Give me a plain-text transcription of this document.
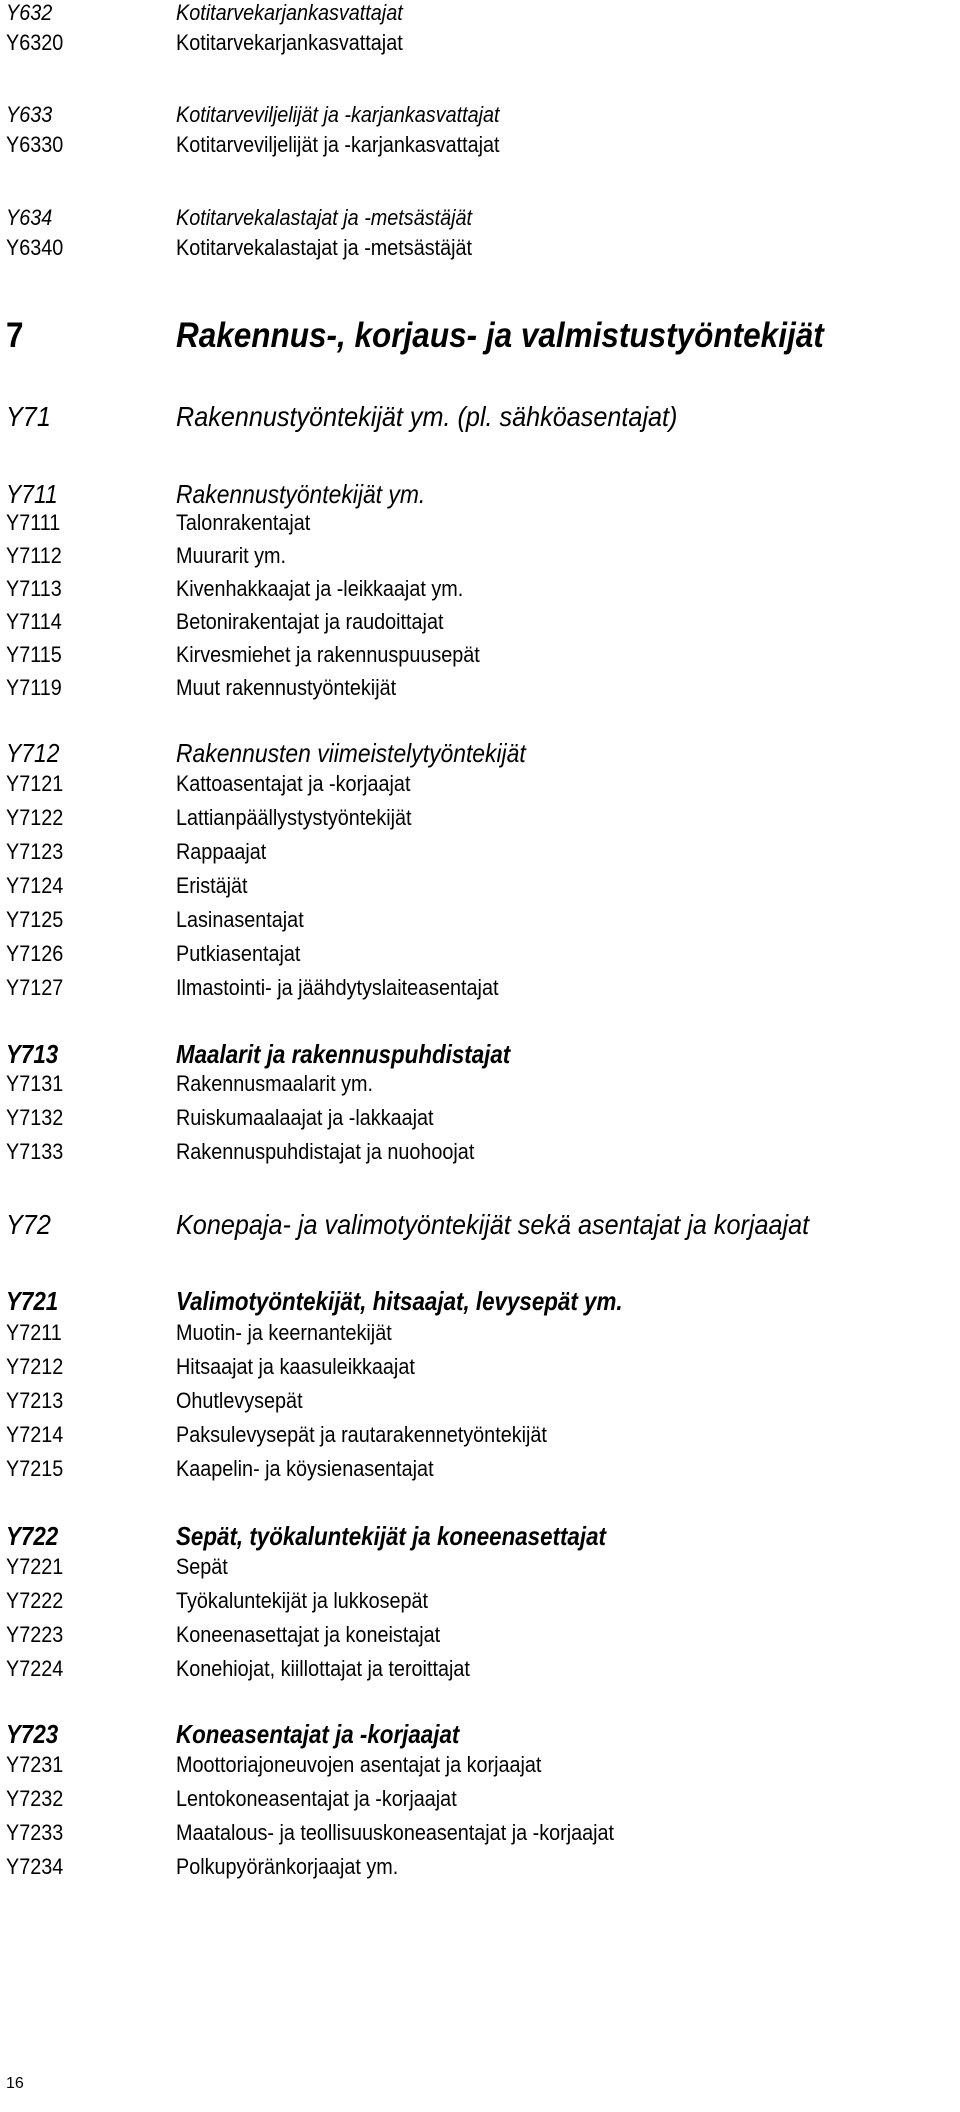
Y632	Kotitarvekarjankasvattajat
Y6320	Kotitarvekarjankasvattajat
Y633	Kotitarveviljelijät ja -karjankasvattajat
Y6330	Kotitarveviljelijät ja -karjankasvattajat
Y634	Kotitarvekalastajat ja -metsästäjät
Y6340	Kotitarvekalastajat ja -metsästäjät
7	Rakennus-, korjaus- ja valmistustyöntekijät
Y71	Rakennustyöntekijät ym. (pl. sähköasentajat)
Y711	Rakennustyöntekijät ym.
Y7111	Talonrakentajat
Y7112	Muurarit ym.
Y7113	Kivenhakkaajat ja -leikkaajat ym.
Y7114	Betonirakentajat ja raudoittajat
Y7115	Kirvesmiehet ja rakennuspuusepät
Y7119	Muut rakennustyöntekijät
Y712	Rakennusten viimeistelytyöntekijät
Y7121	Kattoasentajat ja -korjaajat
Y7122	Lattianpäällystystyöntekijät
Y7123	Rappaajat
Y7124	Eristäjät
Y7125	Lasinasentajat
Y7126	Putkiasentajat
Y7127	Ilmastointi- ja jäähdytyslaiteasentajat
Y713	Maalarit ja rakennuspuhdistajat
Y7131	Rakennusmaalarit ym.
Y7132	Ruiskumaalaajat ja -lakkaajat
Y7133	Rakennuspuhdistajat ja nuohoojat
Y72	Konepaja- ja valimotyöntekijät sekä asentajat ja korjaajat
Y721	Valimotyöntekijät, hitsaajat, levysepät ym.
Y7211	Muotin- ja keernantekijät
Y7212	Hitsaajat ja kaasuleikkaajat
Y7213	Ohutlevysepät
Y7214	Paksulevysepät ja rautarakennetyöntekijät
Y7215	Kaapelin- ja köysienasentajat
Y722	Sepät, työkaluntekijät ja koneenasettajat
Y7221	Sepät
Y7222	Työkaluntekijät ja lukkosepät
Y7223	Koneenasettajat ja koneistajat
Y7224	Konehiojat, kiillottajat ja teroittajat
Y723	Koneasentajat ja -korjaajat
Y7231	Moottoriajoneuvojen asentajat ja korjaajat
Y7232	Lentokoneasentajat ja -korjaajat
Y7233	Maatalous- ja teollisuuskoneasentajat ja -korjaajat
Y7234	Polkupyöränkorjaajat ym.
16
